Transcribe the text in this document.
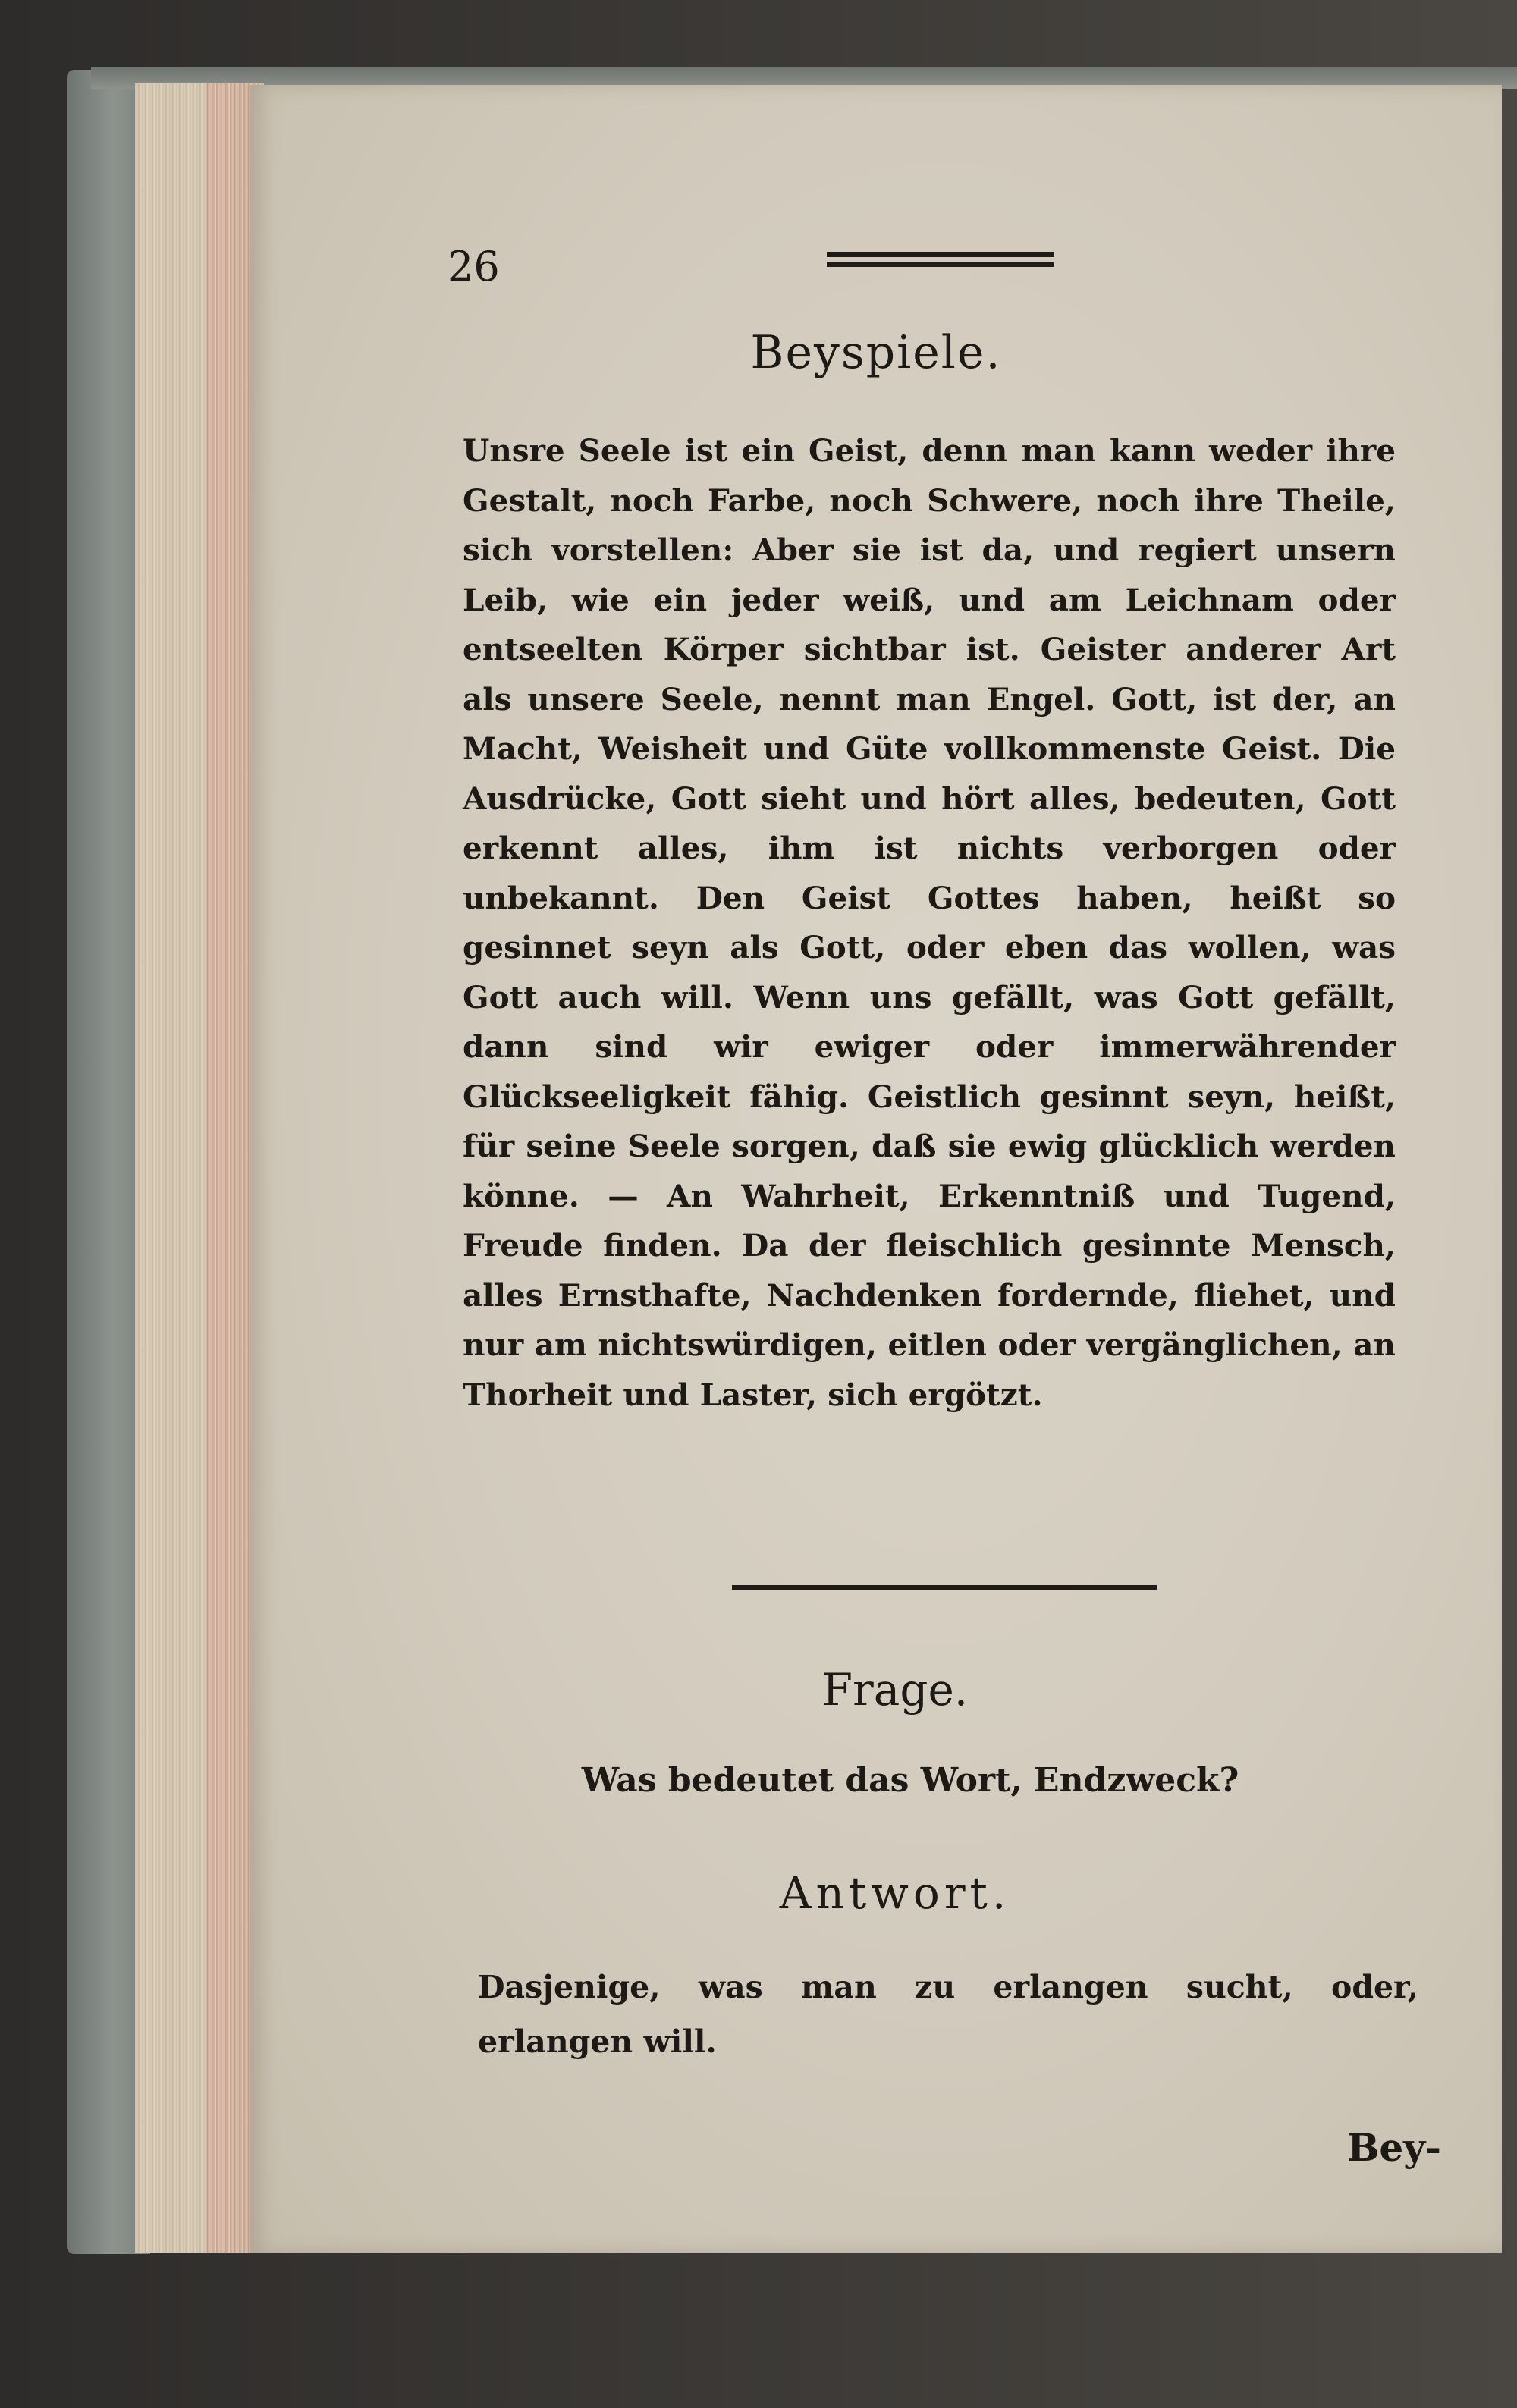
26
Beyspiele.
Unsre Seele ist ein Geist, denn man kann weder ihre Gestalt, noch Farbe, noch Schwere, noch ihre Theile, sich vorstellen: Aber sie ist da, und regiert unsern Leib, wie ein jeder weiß, und am Leichnam oder entseelten Körper sichtbar ist. Geister anderer Art als unsere Seele, nennt man Engel. Gott, ist der, an Macht, Weisheit und Güte vollkommenste Geist. Die Ausdrücke, Gott sieht und hört alles, bedeuten, Gott erkennt alles, ihm ist nichts verborgen oder unbekannt. Den Geist Gottes haben, heißt so gesinnet seyn als Gott, oder eben das wollen, was Gott auch will. Wenn uns gefällt, was Gott gefällt, dann sind wir ewiger oder immerwährender Glückseeligkeit fähig. Geistlich gesinnt seyn, heißt, für seine Seele sorgen, daß sie ewig glücklich werden könne. — An Wahrheit, Erkenntniß und Tugend, Freude finden. Da der fleischlich gesinnte Mensch, alles Ernsthafte, Nachdenken fordernde, fliehet, und nur am nichtswürdigen, eitlen oder vergänglichen, an Thorheit und Laster, sich ergötzt.
Frage.
Was bedeutet das Wort, Endzweck?
Antwort.
Dasjenige, was man zu erlangen sucht, oder, erlangen will.
Bey-
